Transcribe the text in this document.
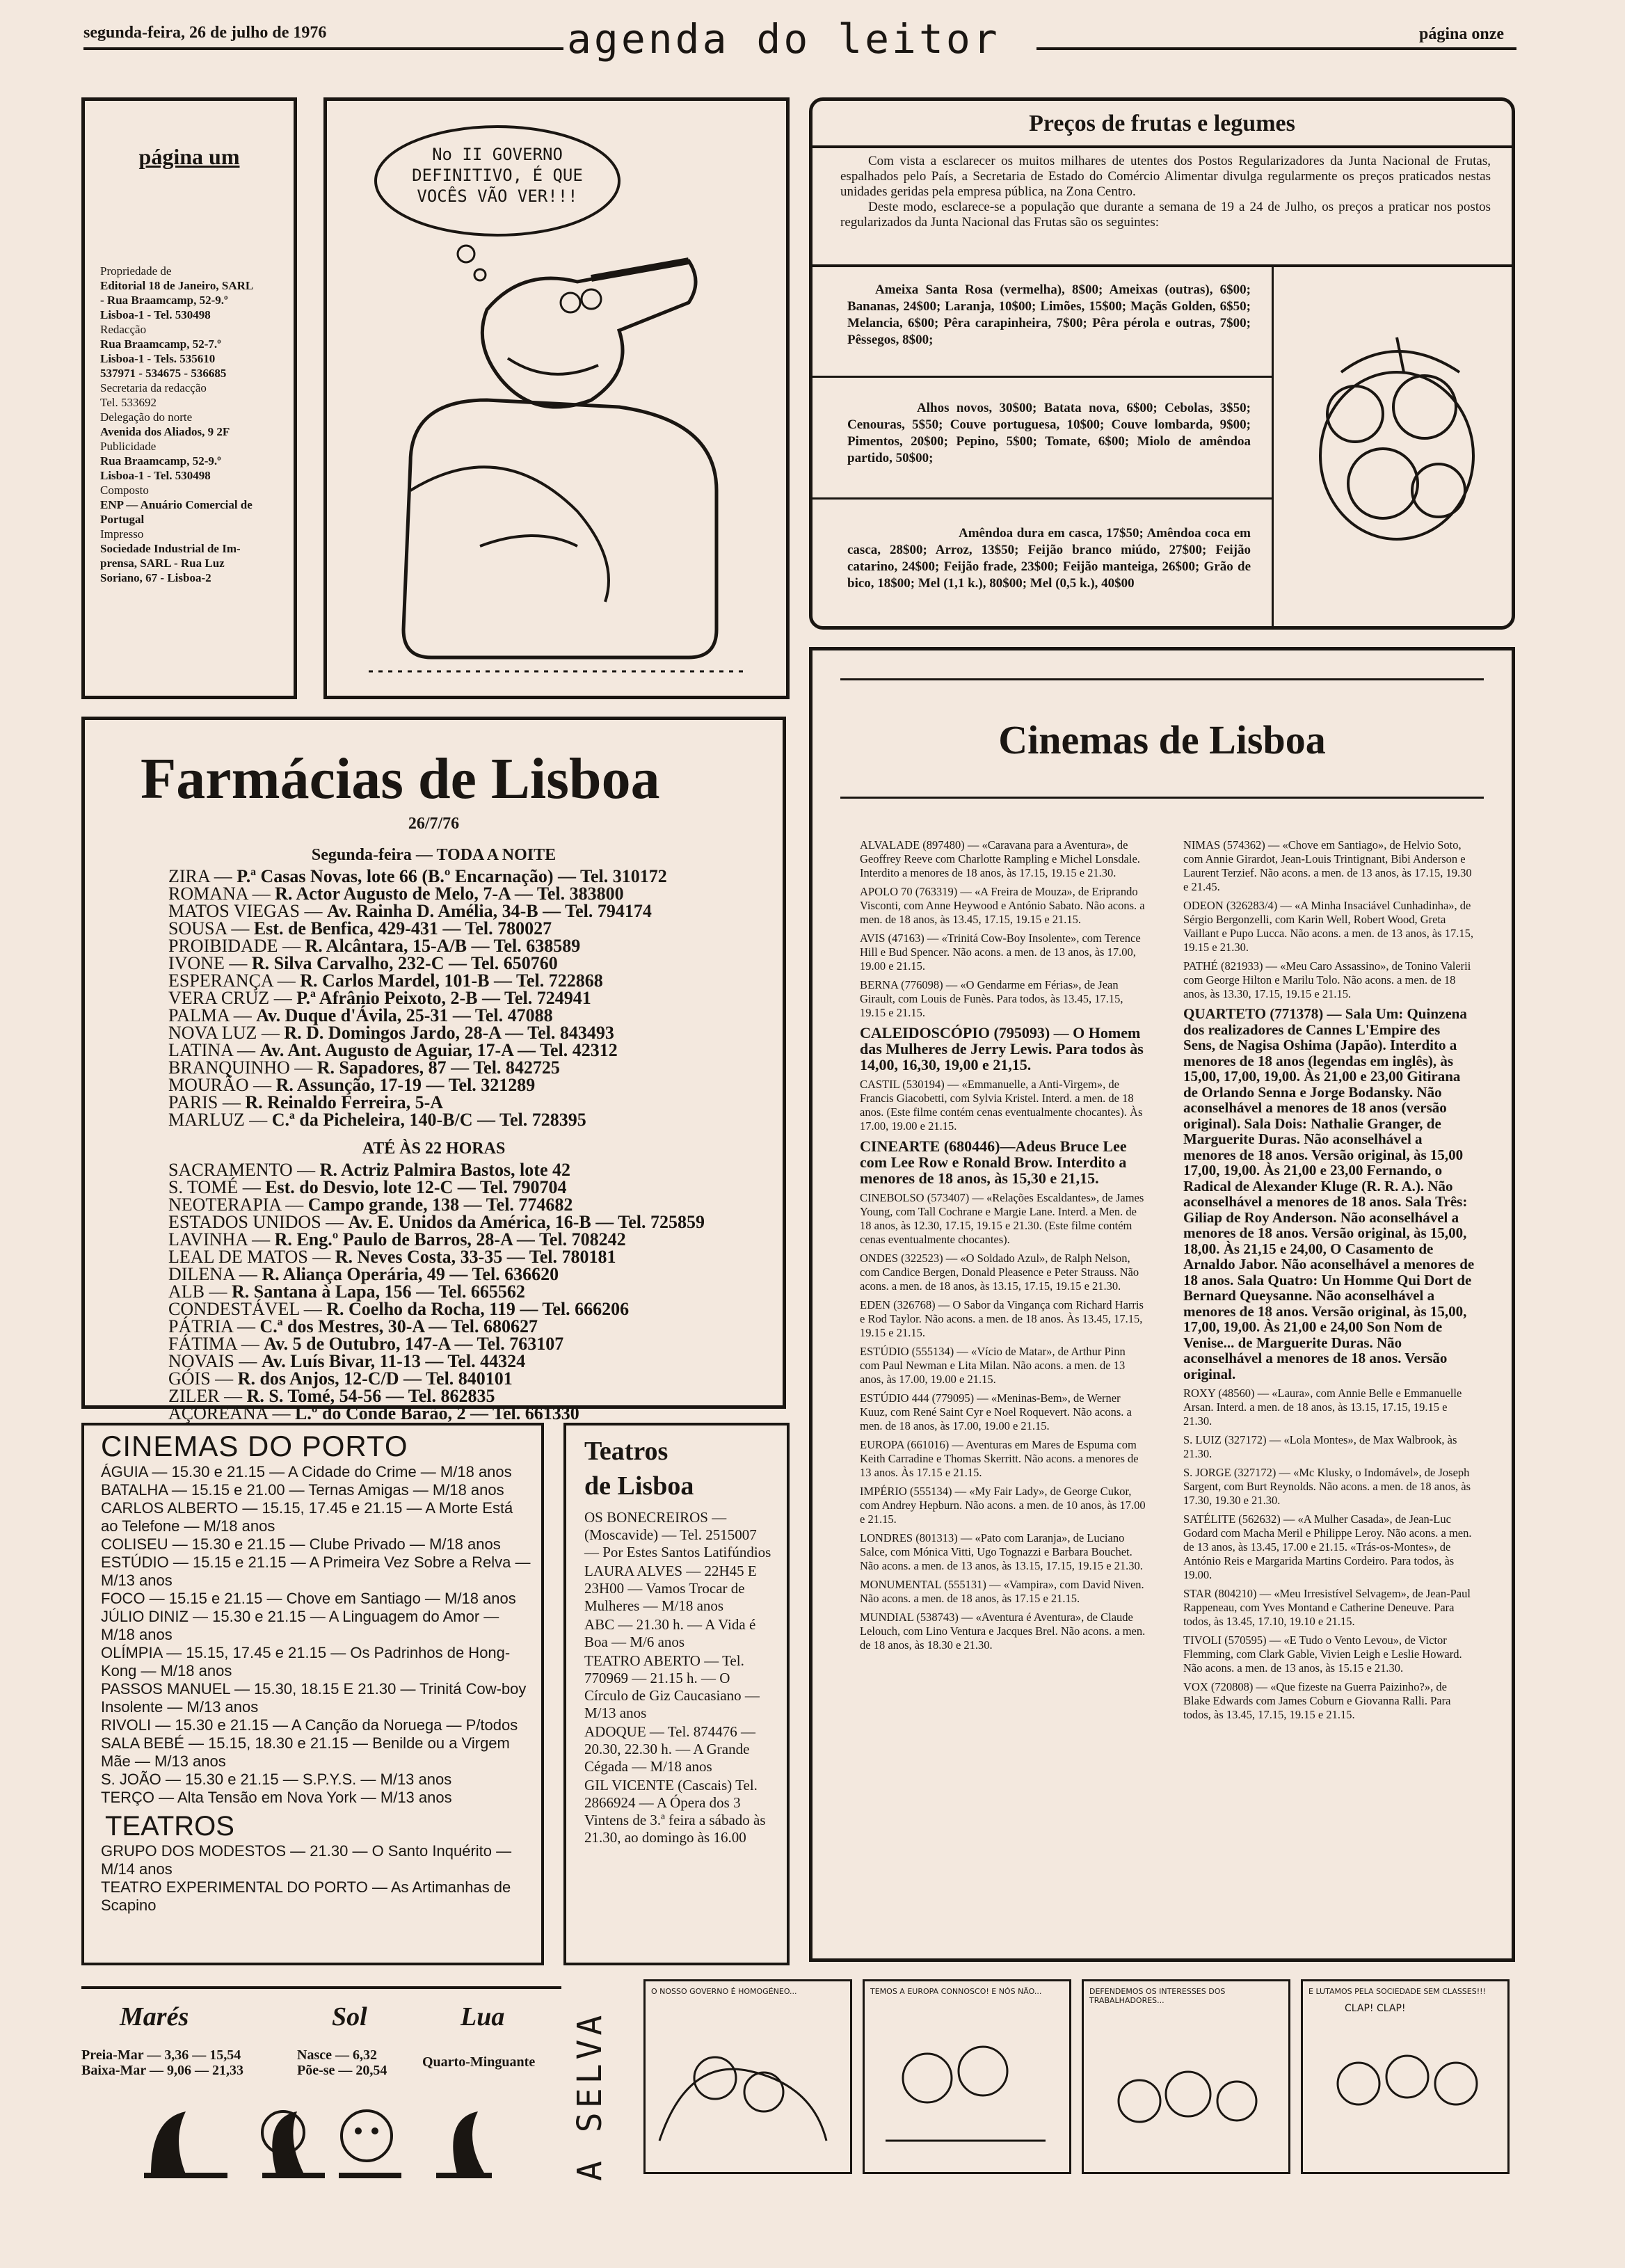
segunda-feira, 26 de julho de 1976	agenda do leitor	página onze
página um
Propriedade de
Editorial 18 de Janeiro, SARL
- Rua Braamcamp, 52-9.º
Lisboa-1 - Tel. 530498
Redacção
Rua Braamcamp, 52-7.º
Lisboa-1 - Tels. 535610
537971 - 534675 - 536685
Secretaria da redacção
Tel. 533692
Delegação do norte
Avenida dos Aliados, 9 2F
Publicidade
Rua Braamcamp, 52-9.º
Lisboa-1 - Tel. 530498
Composto
ENP — Anuário Comercial de
Portugal
Impresso
Sociedade Industrial de Im-
prensa, SARL - Rua Luz
Soriano, 67 - Lisboa-2
No II GOVERNO
DEFINITIVO, É QUE
VOCÊS VÃO VER!!!
Preços de frutas e legumes
Com vista a esclarecer os muitos milhares de utentes dos Postos Regularizadores da Junta Nacional de Frutas, espalhados pelo País, a Secretaria de Estado do Comércio Alimentar divulga regularmente os preços praticados nestas unidades geridas pela empresa pública, na Zona Centro.
Deste modo, esclarece-se a população que durante a semana de 19 a 24 de Julho, os preços a praticar nos postos regularizados da Junta Nacional das Frutas são os seguintes:
Ameixa Santa Rosa (vermelha), 8$00; Ameixas (outras), 6$00; Bananas, 24$00; Laranja, 10$00; Limões, 15$00; Maçãs Golden, 6$50; Melancia, 6$00; Pêra carapinheira, 7$00; Pêra pérola e outras, 7$00; Pêssegos, 8$00;
Alhos novos, 30$00; Batata nova, 6$00; Cebolas, 3$50; Cenouras, 5$50; Couve portuguesa, 10$00; Couve lombarda, 9$00; Pimentos, 20$00; Pepino, 5$00; Tomate, 6$00; Miolo de amêndoa partido, 50$00;
Amêndoa dura em casca, 17$50; Amêndoa coca em casca, 28$00; Arroz, 13$50; Feijão branco miúdo, 27$00; Feijão catarino, 24$00; Feijão frade, 23$00; Feijão manteiga, 26$00; Grão de bico, 18$00; Mel (1,1 k.), 80$00; Mel (0,5 k.), 40$00
Farmácias de Lisboa
26/7/76
Segunda-feira — TODA A NOITE
ZIRA — P.ª Casas Novas, lote 66 (B.º Encarnação) — Tel. 310172
ROMANA — R. Actor Augusto de Melo, 7-A — Tel. 383800
MATOS VIEGAS — Av. Rainha D. Amélia, 34-B — Tel. 794174
SOUSA — Est. de Benfica, 429-431 — Tel. 780027
PROIBIDADE — R. Alcântara, 15-A/B — Tel. 638589
IVONE — R. Silva Carvalho, 232-C — Tel. 650760
ESPERANÇA — R. Carlos Mardel, 101-B — Tel. 722868
VERA CRUZ — P.ª Afrânio Peixoto, 2-B — Tel. 724941
PALMA — Av. Duque d'Ávila, 25-31 — Tel. 47088
NOVA LUZ — R. D. Domingos Jardo, 28-A — Tel. 843493
LATINA — Av. Ant. Augusto de Aguiar, 17-A — Tel. 42312
BRANQUINHO — R. Sapadores, 87 — Tel. 842725
MOURÃO — R. Assunção, 17-19 — Tel. 321289
PARIS — R. Reinaldo Ferreira, 5-A
MARLUZ — C.ª da Picheleira, 140-B/C — Tel. 728395
ATÉ ÀS 22 HORAS
SACRAMENTO — R. Actriz Palmira Bastos, lote 42
S. TOMÉ — Est. do Desvio, lote 12-C — Tel. 790704
NEOTERAPIA — Campo grande, 138 — Tel. 774682
ESTADOS UNIDOS — Av. E. Unidos da América, 16-B — Tel. 725859
LAVINHA — R. Eng.º Paulo de Barros, 28-A — Tel. 708242
LEAL DE MATOS — R. Neves Costa, 33-35 — Tel. 780181
DILENA — R. Aliança Operária, 49 — Tel. 636620
ALB — R. Santana à Lapa, 156 — Tel. 665562
CONDESTÁVEL — R. Coelho da Rocha, 119 — Tel. 666206
PÁTRIA — C.ª dos Mestres, 30-A — Tel. 680627
FÁTIMA — Av. 5 de Outubro, 147-A — Tel. 763107
NOVAIS — Av. Luís Bivar, 11-13 — Tel. 44324
GÓIS — R. dos Anjos, 12-C/D — Tel. 840101
ZILER — R. S. Tomé, 54-56 — Tel. 862835
AÇOREANA — L.º do Conde Barão, 2 — Tel. 661330
Cinemas de Lisboa

ALVALADE (897480) — «Caravana para a Aventura», de Geoffrey Reeve com Charlotte Rampling e Michel Lonsdale. Interdito a menores de 18 anos, às 17.15, 19.15 e 21.30.

APOLO 70 (763319) — «A Freira de Mouza», de Eriprando Visconti, com Anne Heywood e António Sabato. Não acons. a men. de 18 anos, às 13.45, 17.15, 19.15 e 21.15.

AVIS (47163) — «Trinitá Cow-Boy Insolente», com Terence Hill e Bud Spencer. Não acons. a men. de 13 anos, às 17.00, 19.00 e 21.15.

BERNA (776098) — «O Gendarme em Férias», de Jean Girault, com Louis de Funès. Para todos, às 13.45, 17.15, 19.15 e 21.15.

CALEIDOSCÓPIO (795093) — O Homem das Mulheres de Jerry Lewis. Para todos às 14,00, 16,30, 19,00 e 21,15.

CASTIL (530194) — «Emmanuelle, a Anti-Virgem», de Francis Giacobetti, com Sylvia Kristel. Interd. a men. de 18 anos. (Este filme contém cenas eventualmente chocantes). Às 17.00, 19.00 e 21.15.

CINEARTE (680446)—Adeus Bruce Lee com Lee Row e Ronald Brow. Interdito a menores de 18 anos, às 15,30 e 21,15.

CINEBOLSO (573407) — «Relações Escaldantes», de James Young, com Tall Cochrane e Margie Lane. Interd. a Men. de 18 anos, às 12.30, 17.15, 19.15 e 21.30. (Este filme contém cenas eventualmente chocantes).

ONDES (322523) — «O Soldado Azul», de Ralph Nelson, com Candice Bergen, Donald Pleasence e Peter Strauss. Não acons. a men. de 18 anos, às 13.15, 17.15, 19.15 e 21.30.

EDEN (326768) — O Sabor da Vingança com Richard Harris e Rod Taylor. Não acons. a men. de 18 anos. Às 13.45, 17.15, 19.15 e 21.15.

ESTÚDIO (555134) — «Vício de Matar», de Arthur Pinn com Paul Newman e Lita Milan. Não acons. a men. de 13 anos, às 17.00, 19.00 e 21.15.

ESTÚDIO 444 (779095) — «Meninas-Bem», de Werner Kuuz, com René Saint Cyr e Noel Roquevert. Não acons. a men. de 18 anos, às 17.00, 19.00 e 21.15.

EUROPA (661016) — Aventuras em Mares de Espuma com Keith Carradine e Thomas Skerritt. Não acons. a menores de 13 anos. Às 17.15 e 21.15.

IMPÉRIO (555134) — «My Fair Lady», de George Cukor, com Andrey Hepburn. Não acons. a men. de 10 anos, às 17.00 e 21.15.

LONDRES (801313) — «Pato com Laranja», de Luciano Salce, com Mónica Vitti, Ugo Tognazzi e Barbara Bouchet. Não acons. a men. de 13 anos, às 13.15, 17.15, 19.15 e 21.30.

MONUMENTAL (555131) — «Vampira», com David Niven. Não acons. a men. de 18 anos, às 17.15 e 21.15.

MUNDIAL (538743) — «Aventura é Aventura», de Claude Lelouch, com Lino Ventura e Jacques Brel. Não acons. a men. de 18 anos, às 18.30 e 21.30.

NIMAS (574362) — «Chove em Santiago», de Helvio Soto, com Annie Girardot, Jean-Louis Trintignant, Bibi Anderson e Laurent Terzief. Não acons. a men. de 13 anos, às 17.15, 19.30 e 21.45.

ODEON (326283/4) — «A Minha Insaciável Cunhadinha», de Sérgio Bergonzelli, com Karin Well, Robert Wood, Greta Vaillant e Pupo Lucca. Não acons. a men. de 13 anos, às 17.15, 19.15 e 21.30.

PATHÉ (821933) — «Meu Caro Assassino», de Tonino Valerii com George Hilton e Marilu Tolo. Não acons. a men. de 18 anos, às 13.30, 17.15, 19.15 e 21.15.

QUARTETO (771378) — Sala Um: Quinzena dos realizadores de Cannes L'Empire des Sens, de Nagisa Oshima (Japão). Interdito a menores de 18 anos (legendas em inglês), às 15,00, 17,00, 19,00. Às 21,00 e 23,00 Gitirana de Orlando Senna e Jorge Bodansky. Não aconselhável a menores de 18 anos (versão original). Sala Dois: Nathalie Granger, de Marguerite Duras. Não aconselhável a menores de 18 anos. Versão original, às 15,00 17,00, 19,00. Às 21,00 e 23,00 Fernando, o Radical de Alexander Kluge (R. R. A.). Não aconselhável a menores de 18 anos. Sala Três: Giliap de Roy Anderson. Não aconselhável a menores de 18 anos. Versão original, às 15,00, 18,00. Às 21,15 e 24,00, O Casamento de Arnaldo Jabor. Não aconselhável a menores de 18 anos. Sala Quatro: Un Homme Qui Dort de Bernard Queysanne. Não aconselhável a menores de 18 anos. Versão original, às 15,00, 17,00, 19,00. Às 21,00 e 24,00 Son Nom de Venise... de Marguerite Duras. Não aconselhável a menores de 18 anos. Versão original.

ROXY (48560) — «Laura», com Annie Belle e Emmanuelle Arsan. Interd. a men. de 18 anos, às 13.15, 17.15, 19.15 e 21.30.

S. LUIZ (327172) — «Lola Montes», de Max Walbrook, às 21.30.

S. JORGE (327172) — «Mc Klusky, o Indomável», de Joseph Sargent, com Burt Reynolds. Não acons. a men. de 18 anos, às 17.30, 19.30 e 21.30.

SATÉLITE (562632) — «A Mulher Casada», de Jean-Luc Godard com Macha Meril e Philippe Leroy. Não acons. a men. de 13 anos, às 13.45, 17.00 e 21.15. «Trás-os-Montes», de António Reis e Margarida Martins Cordeiro. Para todos, às 19.00.

STAR (804210) — «Meu Irresistível Selvagem», de Jean-Paul Rappeneau, com Yves Montand e Catherine Deneuve. Para todos, às 13.45, 17.10, 19.10 e 21.15.

TIVOLI (570595) — «E Tudo o Vento Levou», de Victor Flemming, com Clark Gable, Vivien Leigh e Leslie Howard. Não acons. a men. de 13 anos, às 15.15 e 21.30.

VOX (720808) — «Que fizeste na Guerra Paizinho?», de Blake Edwards com James Coburn e Giovanna Ralli. Para todos, às 13.45, 17.15, 19.15 e 21.15.

CINEMAS DO PORTO

ÁGUIA — 15.30 e 21.15 — A Cidade do Crime — M/18 anos

BATALHA — 15.15 e 21.00 — Ternas Amigas — M/18 anos

CARLOS ALBERTO — 15.15, 17.45 e 21.15 — A Morte Está ao Telefone — M/18 anos

COLISEU — 15.30 e 21.15 — Clube Privado — M/18 anos

ESTÚDIO — 15.15 e 21.15 — A Primeira Vez Sobre a Relva — M/13 anos

FOCO — 15.15 e 21.15 — Chove em Santiago — M/18 anos

JÚLIO DINIZ — 15.30 e 21.15 — A Linguagem do Amor — M/18 anos

OLÍMPIA — 15.15, 17.45 e 21.15 — Os Padrinhos de Hong-Kong — M/18 anos

PASSOS MANUEL — 15.30, 18.15 E 21.30 — Trinitá Cow-boy Insolente — M/13 anos

RIVOLI — 15.30 e 21.15 — A Canção da Noruega — P/todos

SALA BEBÉ — 15.15, 18.30 e 21.15 — Benilde ou a Virgem Mãe — M/13 anos

S. JOÃO — 15.30 e 21.15 — S.P.Y.S. — M/13 anos

TERÇO — Alta Tensão em Nova York — M/13 anos

TEATROS

GRUPO DOS MODESTOS — 21.30 — O Santo Inquérito — M/14 anos

TEATRO EXPERIMENTAL DO PORTO — As Artimanhas de Scapino

Teatros
de Lisboa

OS BONECREIROS — (Moscavide) — Tel. 2515007 — Por Estes Santos Latifúndios

LAURA ALVES — 22H45 E 23H00 — Vamos Trocar de Mulheres — M/18 anos

ABC — 21.30 h. — A Vida é Boa — M/6 anos

TEATRO ABERTO — Tel. 770969 — 21.15 h. — O Círculo de Giz Caucasiano — M/13 anos

ADOQUE — Tel. 874476 — 20.30, 22.30 h. — A Grande Cégada — M/18 anos

GIL VICENTE (Cascais) Tel. 2866924 — A Ópera dos 3 Vintens de 3.ª feira a sábado às 21.30, ao domingo às 16.00

Marés	Sol	Lua
Preia-Mar — 3,36 — 15,54
Baixa-Mar — 9,06 — 21,33
Nasce — 6,32
Põe-se — 20,54
Quarto-Minguante A SELVA
O NOSSO GOVERNO É HOMOGÉNEO...	TEMOS A EUROPA CONNOSCO! E NÓS NÃO...	DEFENDEMOS OS INTERESSES DOS TRABALHADORES...
E LUTAMOS PELA SOCIEDADE SEM CLASSES!!!
CLAP! CLAP!
